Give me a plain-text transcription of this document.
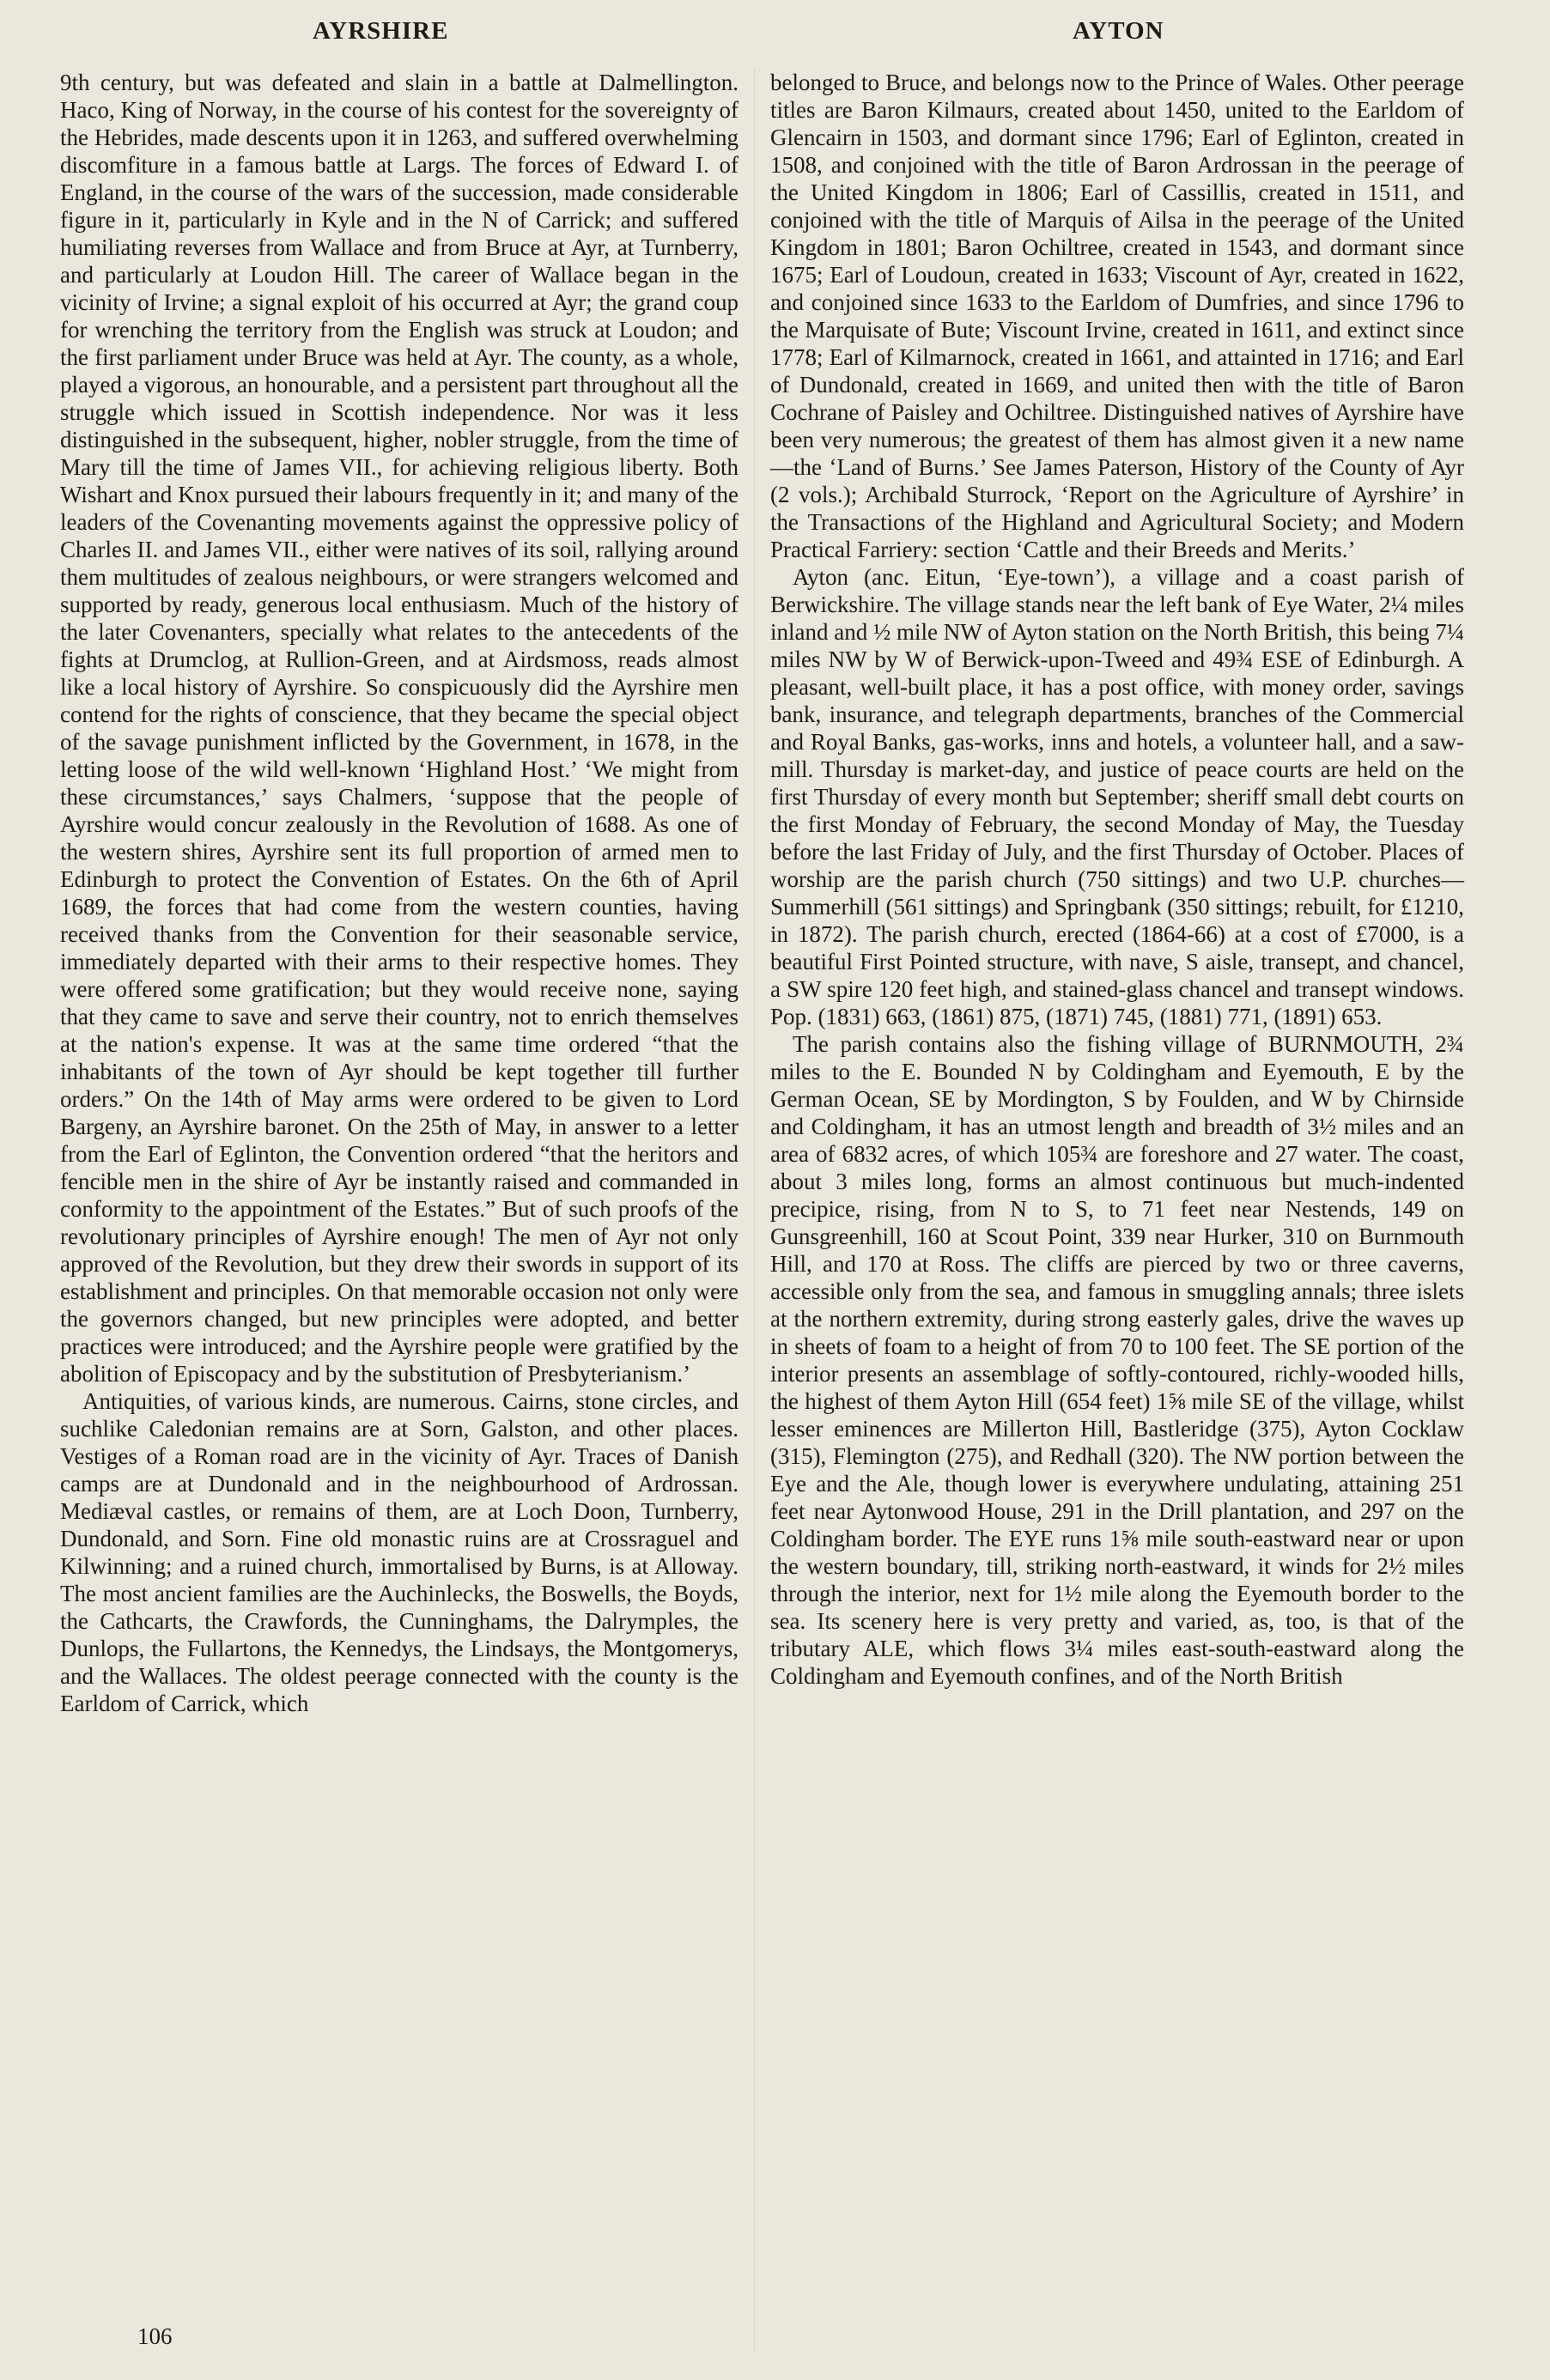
AYRSHIRE	AYTON

9th century, but was defeated and slain in a battle at Dalmellington. Haco, King of Norway, in the course of his contest for the sovereignty of the Hebrides, made descents upon it in 1263, and suffered overwhelming discomfiture in a famous battle at Largs. The forces of Edward I. of England, in the course of the wars of the succession, made considerable figure in it, particularly in Kyle and in the N of Carrick; and suffered humiliating reverses from Wallace and from Bruce at Ayr, at Turnberry, and particularly at Loudon Hill. The career of Wallace began in the vicinity of Irvine; a signal exploit of his occurred at Ayr; the grand coup for wrenching the territory from the English was struck at Loudon; and the first parliament under Bruce was held at Ayr. The county, as a whole, played a vigorous, an honourable, and a persistent part throughout all the struggle which issued in Scottish independence. Nor was it less distinguished in the subsequent, higher, nobler struggle, from the time of Mary till the time of James VII., for achieving religious liberty. Both Wishart and Knox pursued their labours frequently in it; and many of the leaders of the Covenanting movements against the oppressive policy of Charles II. and James VII., either were natives of its soil, rallying around them multitudes of zealous neighbours, or were strangers welcomed and supported by ready, generous local enthusiasm. Much of the history of the later Covenanters, specially what relates to the antecedents of the fights at Drumclog, at Rullion-Green, and at Airdsmoss, reads almost like a local history of Ayrshire. So conspicuously did the Ayrshire men contend for the rights of conscience, that they became the special object of the savage punishment inflicted by the Government, in 1678, in the letting loose of the wild well-known ‘Highland Host.’ ‘We might from these circumstances,’ says Chalmers, ‘suppose that the people of Ayrshire would concur zealously in the Revolution of 1688. As one of the western shires, Ayrshire sent its full proportion of armed men to Edinburgh to protect the Convention of Estates. On the 6th of April 1689, the forces that had come from the western counties, having received thanks from the Convention for their seasonable service, immediately departed with their arms to their respective homes. They were offered some gratification; but they would receive none, saying that they came to save and serve their country, not to enrich themselves at the nation's expense. It was at the same time ordered “that the inhabitants of the town of Ayr should be kept together till further orders.” On the 14th of May arms were ordered to be given to Lord Bargeny, an Ayrshire baronet. On the 25th of May, in answer to a letter from the Earl of Eglinton, the Convention ordered “that the heritors and fencible men in the shire of Ayr be instantly raised and commanded in conformity to the appointment of the Estates.” But of such proofs of the revolutionary principles of Ayrshire enough! The men of Ayr not only approved of the Revolution, but they drew their swords in support of its establishment and principles. On that memorable occasion not only were the governors changed, but new principles were adopted, and better practices were introduced; and the Ayrshire people were gratified by the abolition of Episcopacy and by the substitution of Presbyterianism.’

Antiquities, of various kinds, are numerous. Cairns, stone circles, and suchlike Caledonian remains are at Sorn, Galston, and other places. Vestiges of a Roman road are in the vicinity of Ayr. Traces of Danish camps are at Dundonald and in the neighbourhood of Ardrossan. Mediæval castles, or remains of them, are at Loch Doon, Turnberry, Dundonald, and Sorn. Fine old monastic ruins are at Crossraguel and Kilwinning; and a ruined church, immortalised by Burns, is at Alloway. The most ancient families are the Auchinlecks, the Boswells, the Boyds, the Cathcarts, the Crawfords, the Cunninghams, the Dalrymples, the Dunlops, the Fullartons, the Kennedys, the Lindsays, the Montgomerys, and the Wallaces. The oldest peerage connected with the county is the Earldom of Carrick, which

belonged to Bruce, and belongs now to the Prince of Wales. Other peerage titles are Baron Kilmaurs, created about 1450, united to the Earldom of Glencairn in 1503, and dormant since 1796; Earl of Eglinton, created in 1508, and conjoined with the title of Baron Ardrossan in the peerage of the United Kingdom in 1806; Earl of Cassillis, created in 1511, and conjoined with the title of Marquis of Ailsa in the peerage of the United Kingdom in 1801; Baron Ochiltree, created in 1543, and dormant since 1675; Earl of Loudoun, created in 1633; Viscount of Ayr, created in 1622, and conjoined since 1633 to the Earldom of Dumfries, and since 1796 to the Marquisate of Bute; Viscount Irvine, created in 1611, and extinct since 1778; Earl of Kilmarnock, created in 1661, and attainted in 1716; and Earl of Dundonald, created in 1669, and united then with the title of Baron Cochrane of Paisley and Ochiltree. Distinguished natives of Ayrshire have been very numerous; the greatest of them has almost given it a new name—the ‘Land of Burns.’ See James Paterson, History of the County of Ayr (2 vols.); Archibald Sturrock, ‘Report on the Agriculture of Ayrshire’ in the Transactions of the Highland and Agricultural Society; and Modern Practical Farriery: section ‘Cattle and their Breeds and Merits.’

Ayton (anc. Eitun, ‘Eye-town’), a village and a coast parish of Berwickshire. The village stands near the left bank of Eye Water, 2¼ miles inland and ½ mile NW of Ayton station on the North British, this being 7¼ miles NW by W of Berwick-upon-Tweed and 49¾ ESE of Edinburgh. A pleasant, well-built place, it has a post office, with money order, savings bank, insurance, and telegraph departments, branches of the Commercial and Royal Banks, gas-works, inns and hotels, a volunteer hall, and a saw-mill. Thursday is market-day, and justice of peace courts are held on the first Thursday of every month but September; sheriff small debt courts on the first Monday of February, the second Monday of May, the Tuesday before the last Friday of July, and the first Thursday of October. Places of worship are the parish church (750 sittings) and two U.P. churches—Summerhill (561 sittings) and Springbank (350 sittings; rebuilt, for £1210, in 1872). The parish church, erected (1864-66) at a cost of £7000, is a beautiful First Pointed structure, with nave, S aisle, transept, and chancel, a SW spire 120 feet high, and stained-glass chancel and transept windows. Pop. (1831) 663, (1861) 875, (1871) 745, (1881) 771, (1891) 653.

The parish contains also the fishing village of BURNMOUTH, 2¾ miles to the E. Bounded N by Coldingham and Eyemouth, E by the German Ocean, SE by Mordington, S by Foulden, and W by Chirnside and Coldingham, it has an utmost length and breadth of 3½ miles and an area of 6832 acres, of which 105¾ are foreshore and 27 water. The coast, about 3 miles long, forms an almost continuous but much-indented precipice, rising, from N to S, to 71 feet near Nestends, 149 on Gunsgreenhill, 160 at Scout Point, 339 near Hurker, 310 on Burnmouth Hill, and 170 at Ross. The cliffs are pierced by two or three caverns, accessible only from the sea, and famous in smuggling annals; three islets at the northern extremity, during strong easterly gales, drive the waves up in sheets of foam to a height of from 70 to 100 feet. The SE portion of the interior presents an assemblage of softly-contoured, richly-wooded hills, the highest of them Ayton Hill (654 feet) 1⅝ mile SE of the village, whilst lesser eminences are Millerton Hill, Bastleridge (375), Ayton Cocklaw (315), Flemington (275), and Redhall (320). The NW portion between the Eye and the Ale, though lower is everywhere undulating, attaining 251 feet near Aytonwood House, 291 in the Drill plantation, and 297 on the Coldingham border. The EYE runs 1⅝ mile south-eastward near or upon the western boundary, till, striking north-eastward, it winds for 2½ miles through the interior, next for 1½ mile along the Eyemouth border to the sea. Its scenery here is very pretty and varied, as, too, is that of the tributary ALE, which flows 3¼ miles east-south-eastward along the Coldingham and Eyemouth confines, and of the North British

106
